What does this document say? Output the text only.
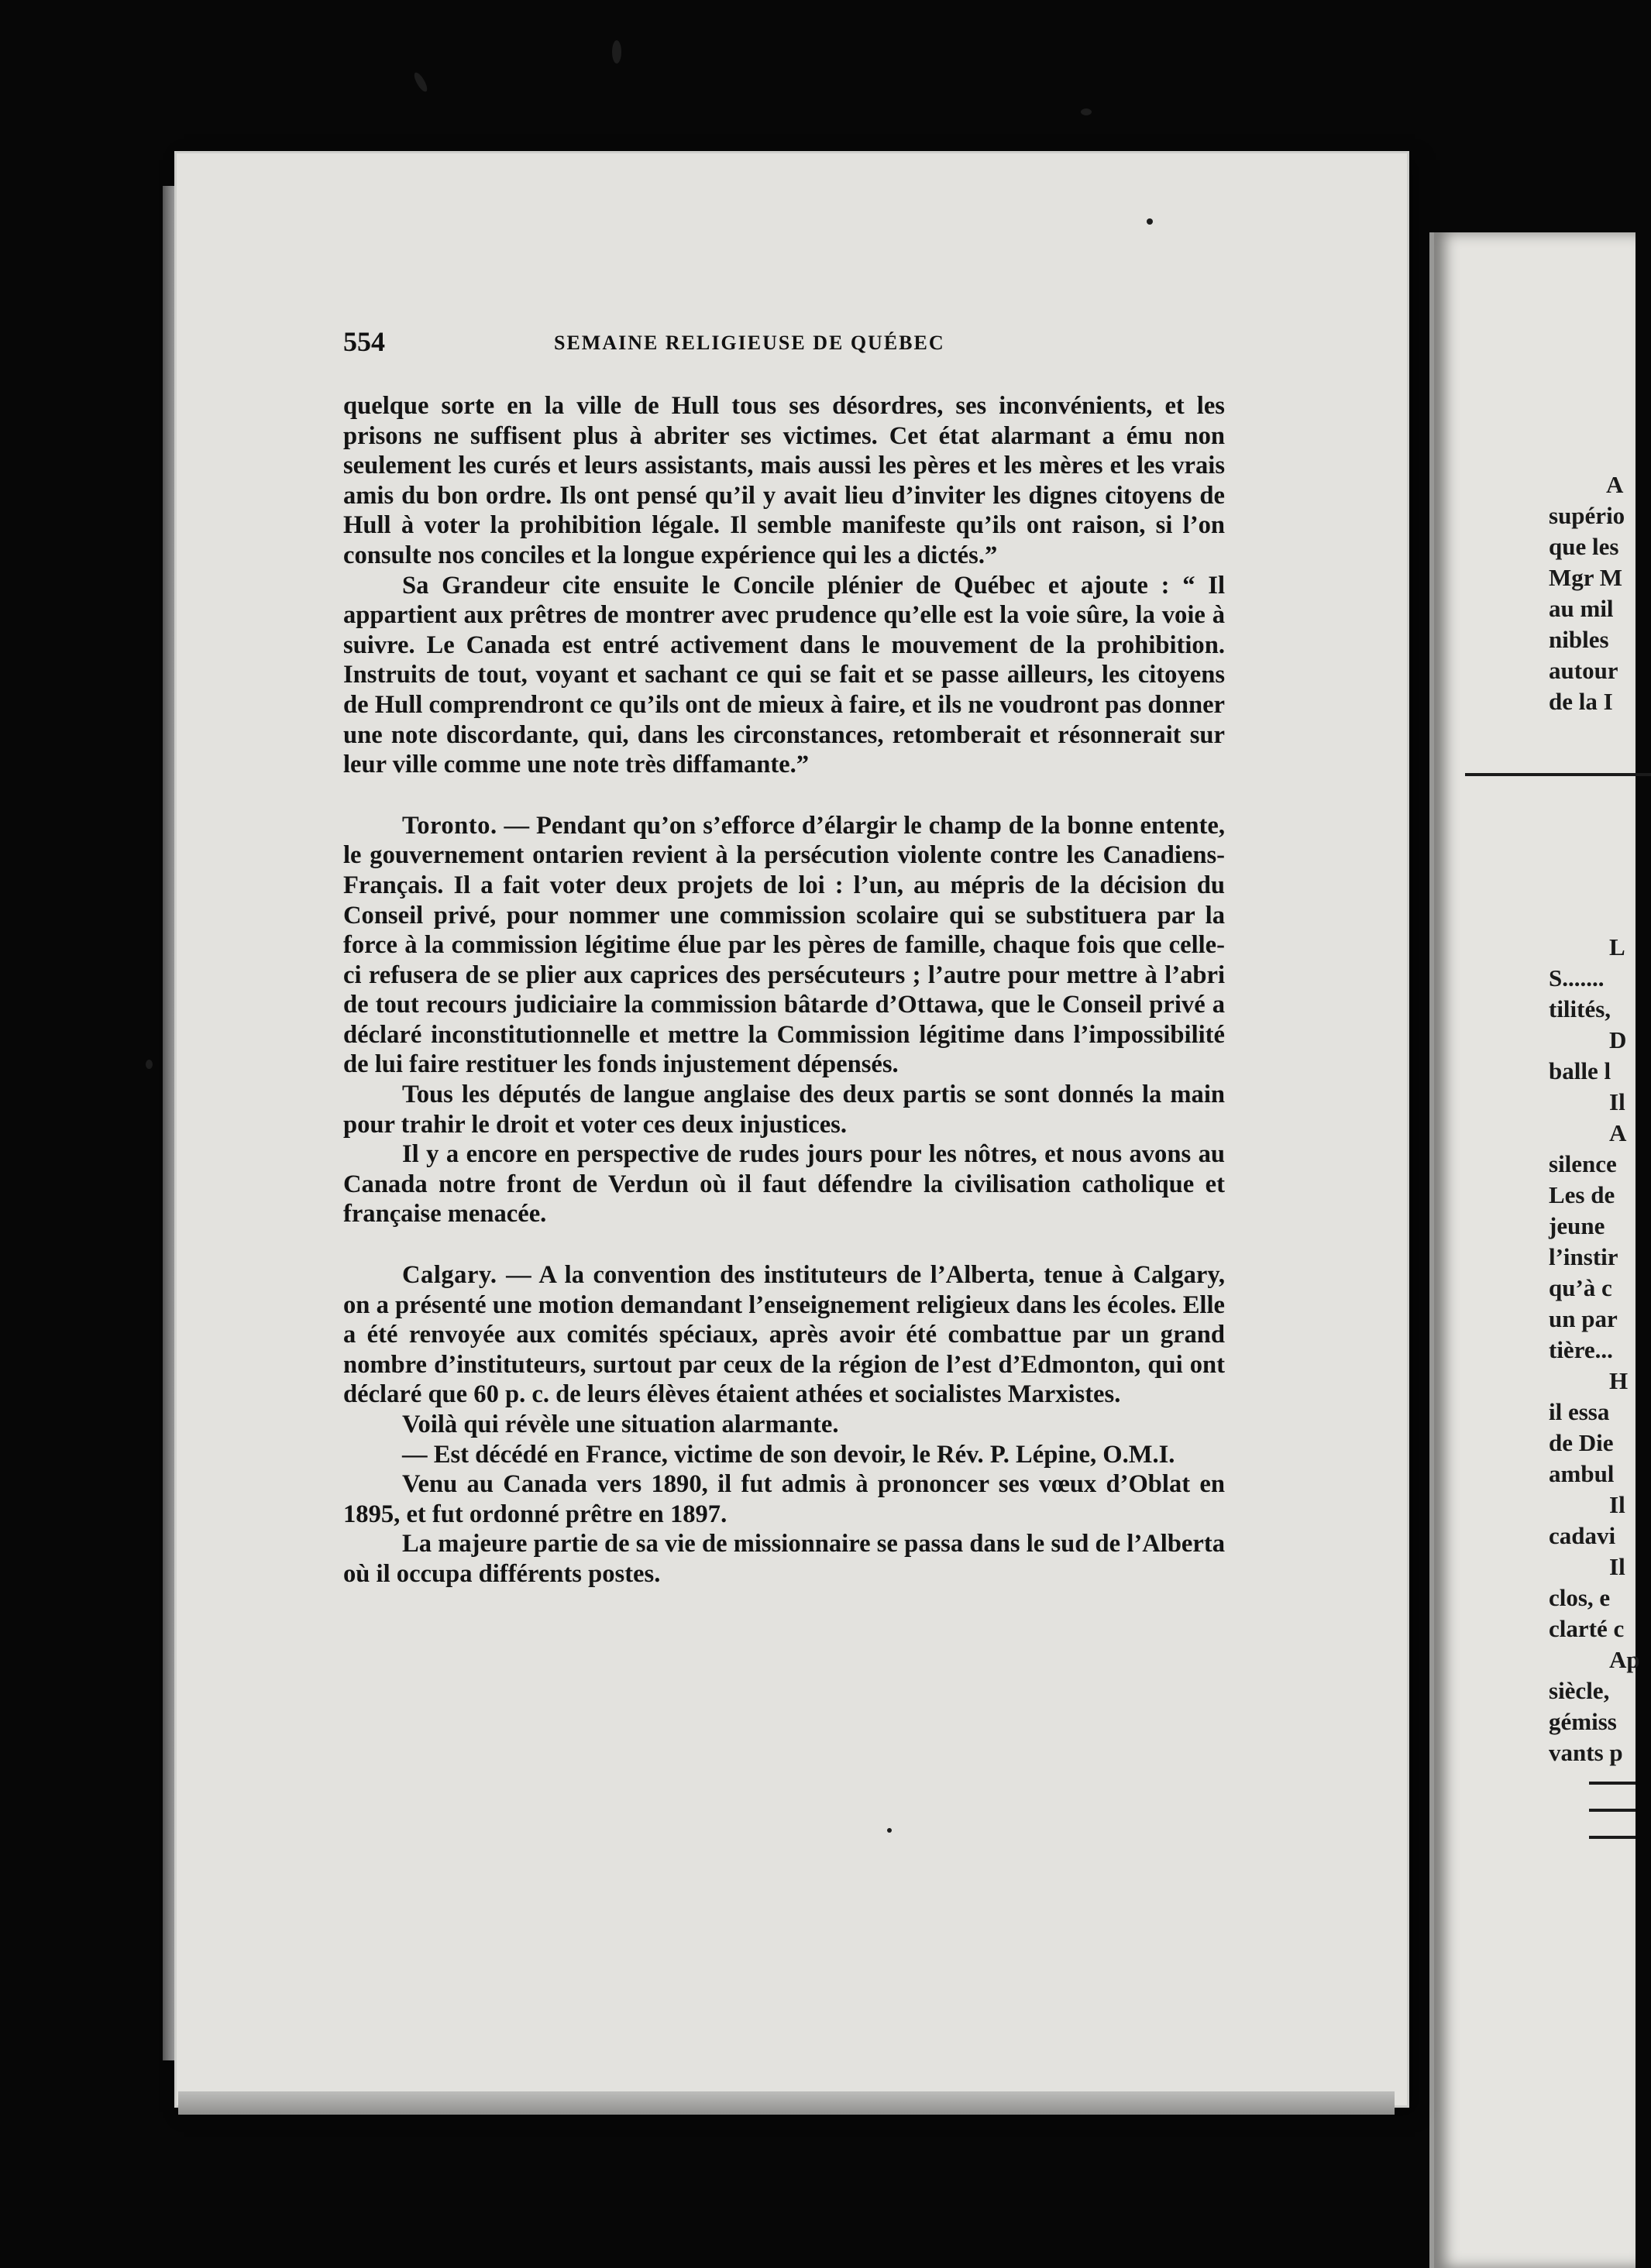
A
supério
que les
Mgr M
au mil
nibles
autour
de la I
L
S.......
tilités,
D
balle l
Il
A
silence
Les de
jeune
l’instir
qu’à c
un par
tière...
H
il essa
de Die
ambul
Il
cadavi
Il
clos, e
clarté c
Ap
siècle,
gémiss
vants p
554	SEMAINE RELIGIEUSE DE QUÉBEC

quelque sorte en la ville de Hull tous ses désordres, ses inconvénients, et les prisons ne suffisent plus à abriter ses victimes. Cet état alarmant a ému non seulement les curés et leurs assistants, mais aussi les pères et les mères et les vrais amis du bon ordre. Ils ont pensé qu’il y avait lieu d’inviter les dignes citoyens de Hull à voter la prohibition légale. Il semble manifeste qu’ils ont raison, si l’on consulte nos conciles et la longue expérience qui les a dictés.”

Sa Grandeur cite ensuite le Concile plénier de Québec et ajoute : “ Il appartient aux prêtres de montrer avec prudence qu’elle est la voie sûre, la voie à suivre. Le Canada est entré activement dans le mouvement de la prohibition. Instruits de tout, voyant et sachant ce qui se fait et se passe ailleurs, les citoyens de Hull comprendront ce qu’ils ont de mieux à faire, et ils ne voudront pas donner une note discordante, qui, dans les circonstances, retomberait et résonnerait sur leur ville comme une note très diffamante.”

Toronto. — Pendant qu’on s’efforce d’élargir le champ de la bonne entente, le gouvernement ontarien revient à la persécution violente contre les Canadiens-Français. Il a fait voter deux projets de loi : l’un, au mépris de la décision du Conseil privé, pour nommer une commission scolaire qui se substituera par la force à la commission légitime élue par les pères de famille, chaque fois que celle-ci refusera de se plier aux caprices des persécuteurs ; l’autre pour mettre à l’abri de tout recours judiciaire la commission bâtarde d’Ottawa, que le Conseil privé a déclaré inconstitutionnelle et mettre la Commission légitime dans l’impossibilité de lui faire restituer les fonds injustement dépensés.

Tous les députés de langue anglaise des deux partis se sont donnés la main pour trahir le droit et voter ces deux injustices.

Il y a encore en perspective de rudes jours pour les nôtres, et nous avons au Canada notre front de Verdun où il faut défendre la civilisation catholique et française menacée.

Calgary. — A la convention des instituteurs de l’Alberta, tenue à Calgary, on a présenté une motion demandant l’enseignement religieux dans les écoles. Elle a été renvoyée aux comités spéciaux, après avoir été combattue par un grand nombre d’instituteurs, surtout par ceux de la région de l’est d’Edmonton, qui ont déclaré que 60 p. c. de leurs élèves étaient athées et socialistes Marxistes.

Voilà qui révèle une situation alarmante.

— Est décédé en France, victime de son devoir, le Rév. P. Lépine, O.M.I.

Venu au Canada vers 1890, il fut admis à prononcer ses vœux d’Oblat en 1895, et fut ordonné prêtre en 1897.

La majeure partie de sa vie de missionnaire se passa dans le sud de l’Alberta où il occupa différents postes.
